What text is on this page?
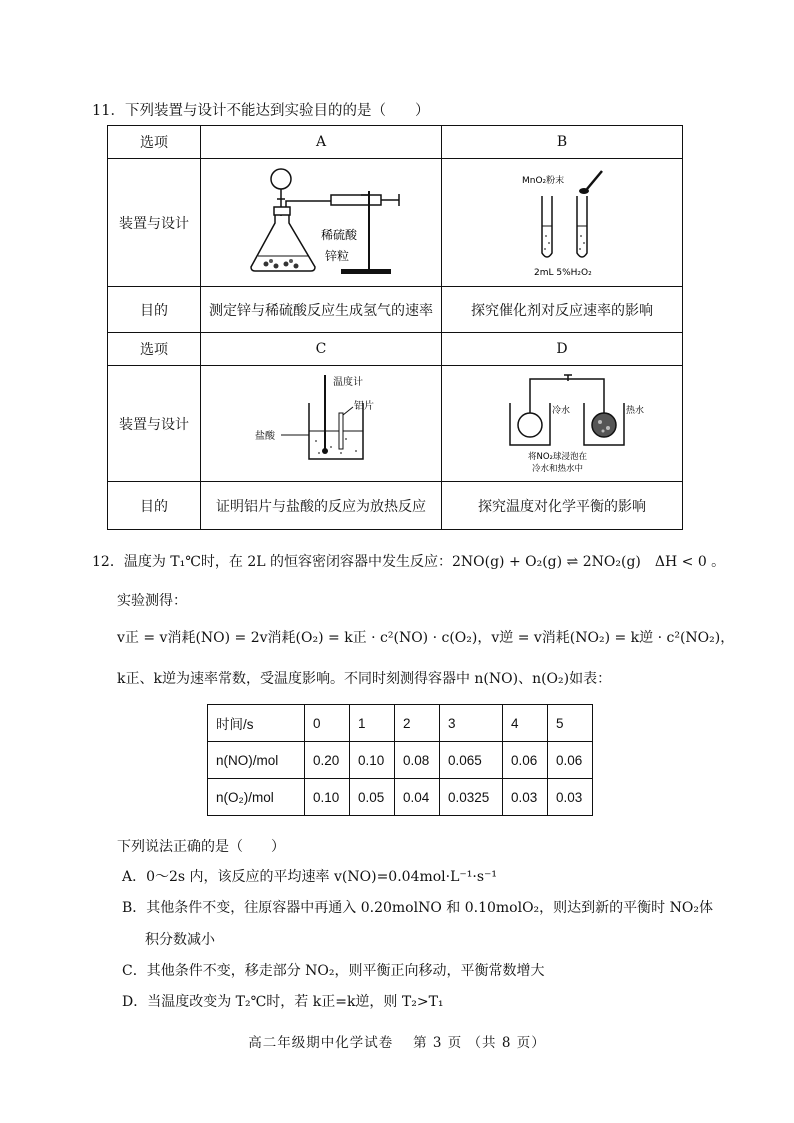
11．下列装置与设计不能达到实验目的的是（　　）
选项	A	B
装置与设计	稀硫酸
锌粒	MnO₂粉末
2mL 5%H₂O₂

目的	测定锌与稀硫酸反应生成氢气的速率	探究催化剂对反应速率的影响
选项	C	D
装置与设计	温度计
铝片
盐酸	冷水 热水
将NO₂球浸泡在
冷水和热水中

目的	证明铝片与盐酸的反应为放热反应	探究温度对化学平衡的影响
12．温度为 T₁℃时，在 2L 的恒容密闭容器中发生反应：2NO(g) + O₂(g) ⇌ 2NO₂(g)　ΔH < 0 。
实验测得：
v正 = v消耗(NO) = 2v消耗(O₂) = k正 · c²(NO) · c(O₂)，v逆 = v消耗(NO₂) = k逆 · c²(NO₂)，
k正、k逆为速率常数，受温度影响。不同时刻测得容器中 n(NO)、n(O₂)如表：
时间/s	0	1	2	3	4	5
n(NO)/mol	0.20	0.10	0.08	0.065	0.06	0.06
n(O₂)/mol	0.10	0.05	0.04	0.0325	0.03	0.03
下列说法正确的是（　　）
A．0～2s 内，该反应的平均速率 v(NO)=0.04mol·L⁻¹·s⁻¹
B．其他条件不变，往原容器中再通入 0.20molNO 和 0.10molO₂，则达到新的平衡时 NO₂体
积分数减小
C．其他条件不变，移走部分 NO₂，则平衡正向移动，平衡常数增大
D．当温度改变为 T₂℃时，若 k正=k逆，则 T₂>T₁
高二年级期中化学试卷　 第 3 页 （共 8 页）
